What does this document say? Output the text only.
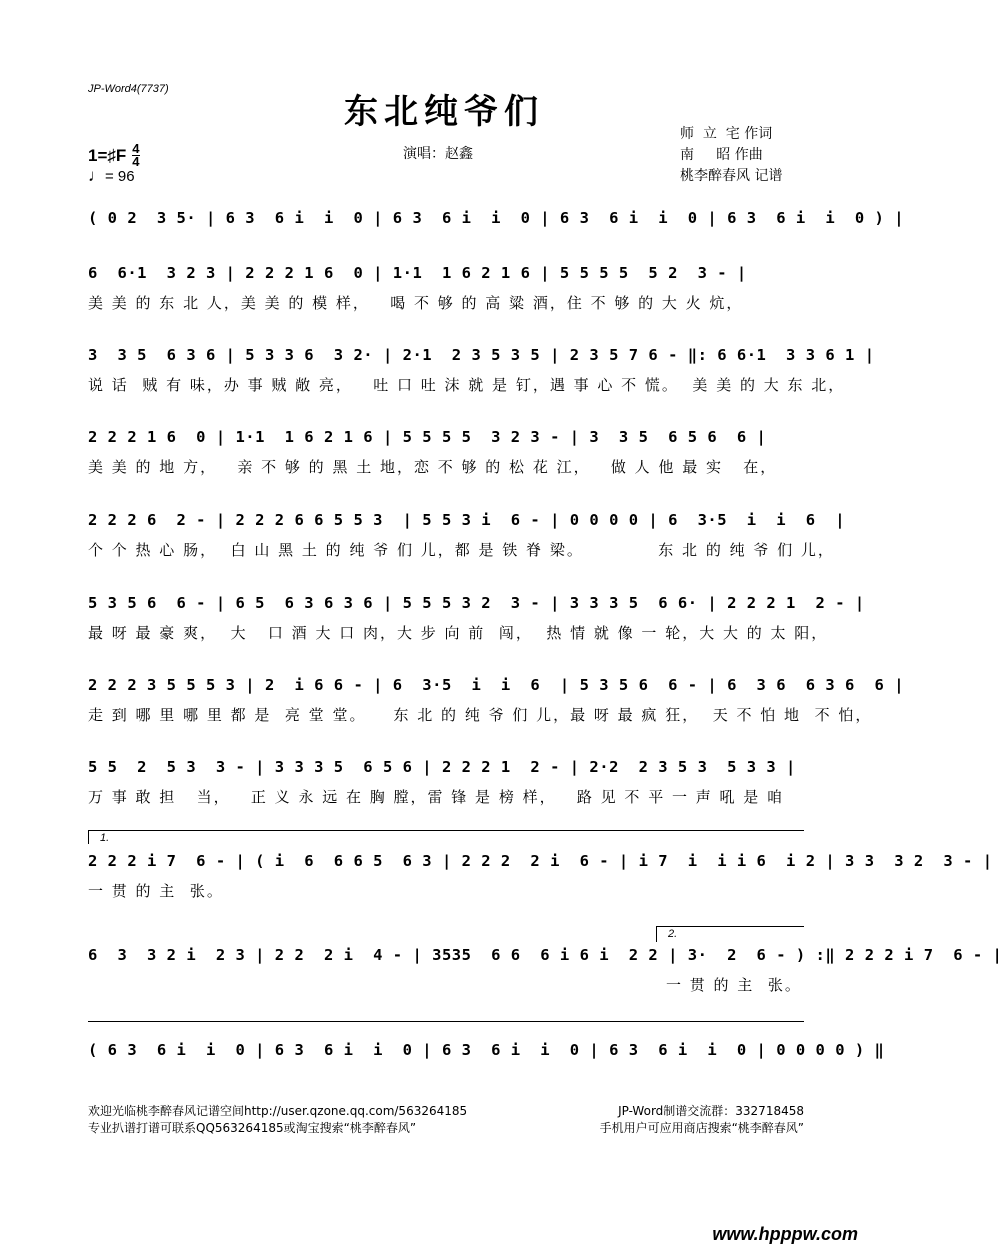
JP-Word4(7737)
东北纯爷们
演唱：赵鑫
师  立  宅 作词
南     昭 作曲
桃李醉春风 记谱
1=♯F $\frac{4}{4}$
♩= 96
( 0 2  3 5· | 6 3  6 i  i  0 | 6 3  6 i  i  0 | 6 3  6 i  i  0 | 6 3  6 i  i  0 ) |
6  6·1  3 2 3 | 2 2 2 1 6  0 | 1·1  1 6 2 1 6 | 5 5 5 5  5 2  3 - |
美 美 的 东 北 人，美 美 的 模 样，   喝 不 够 的 高 粱 酒，住 不 够 的 大 火 炕，
3  3 5  6 3 6 | 5 3 3 6  3 2· | 2·1  2 3 5 3 5 | 2 3 5 7 6 - ‖: 6 6·1  3 3 6 1 |
说 话  贼 有 味，办 事 贼 敞 亮，   吐 口 吐 沫 就 是 钉，遇 事 心 不 慌。  美 美 的 大 东 北，
2 2 2 1 6  0 | 1·1  1 6 2 1 6 | 5 5 5 5  3 2 3 - | 3  3 5  6 5 6  6 |
美 美 的 地 方，   亲 不 够 的 黑 土 地，恋 不 够 的 松 花 江，   做 人 他 最 实   在，
2 2 2 6  2 - | 2 2 2 6 6 5 5 3  | 5 5 3 i  6 - | 0 0 0 0 | 6  3·5  i  i  6  |
个 个 热 心 肠，  白 山 黑 土 的 纯 爷 们 儿，都 是 铁 脊 梁。           东 北 的 纯 爷 们 儿，
5 3 5 6  6 - | 6 5  6 3 6 3 6 | 5 5 5 3 2  3 - | 3 3 3 5  6 6· | 2 2 2 1  2 - |
最 呀 最 豪 爽，  大   口 酒 大 口 肉，大 步 向 前  闯，  热 情 就 像 一 轮，大 大 的 太 阳，
2 2 2 3 5 5 5 3 | 2  i 6 6 - | 6  3·5  i  i  6  | 5 3 5 6  6 - | 6  3 6  6 3 6  6 |
走 到 哪 里 哪 里 都 是  亮 堂 堂。    东 北 的 纯 爷 们 儿，最 呀 最 疯 狂，  天 不 怕 地  不 怕，
5 5  2  5 3  3 - | 3 3 3 5  6 5 6 | 2 2 2 1  2 - | 2·2  2 3 5 3  5 3 3 |
万 事 敢 担   当，   正 义 永 远 在 胸 膛，雷 锋 是 榜 样，   路 见 不 平 一 声 吼 是 咱
1.
2 2 2 i 7  6 - | ( i  6  6 6 5  6 3 | 2 2 2  2 i  6 - | i 7  i  i i 6  i 2 | 3 3  3 2  3 - |
一 贯 的 主  张。
2.
6  3  3 2 i  2 3 | 2 2  2 i  4 - | 3535  6 6  6 i 6 i  2 2 | 3·  2  6 - ) :‖ 2 2 2 i 7  6 - |
一 贯 的 主  张。
( 6 3  6 i  i  0 | 6 3  6 i  i  0 | 6 3  6 i  i  0 | 6 3  6 i  i  0 | 0 0 0 0 ) ‖
欢迎光临桃李醉春风记谱空间http://user.qzone.qq.com/563264185	JP-Word制谱交流群：332718458
专业扒谱打谱可联系QQ563264185或淘宝搜索“桃李醉春风”	手机用户可应用商店搜索“桃李醉春风”
www.hpppw.com
